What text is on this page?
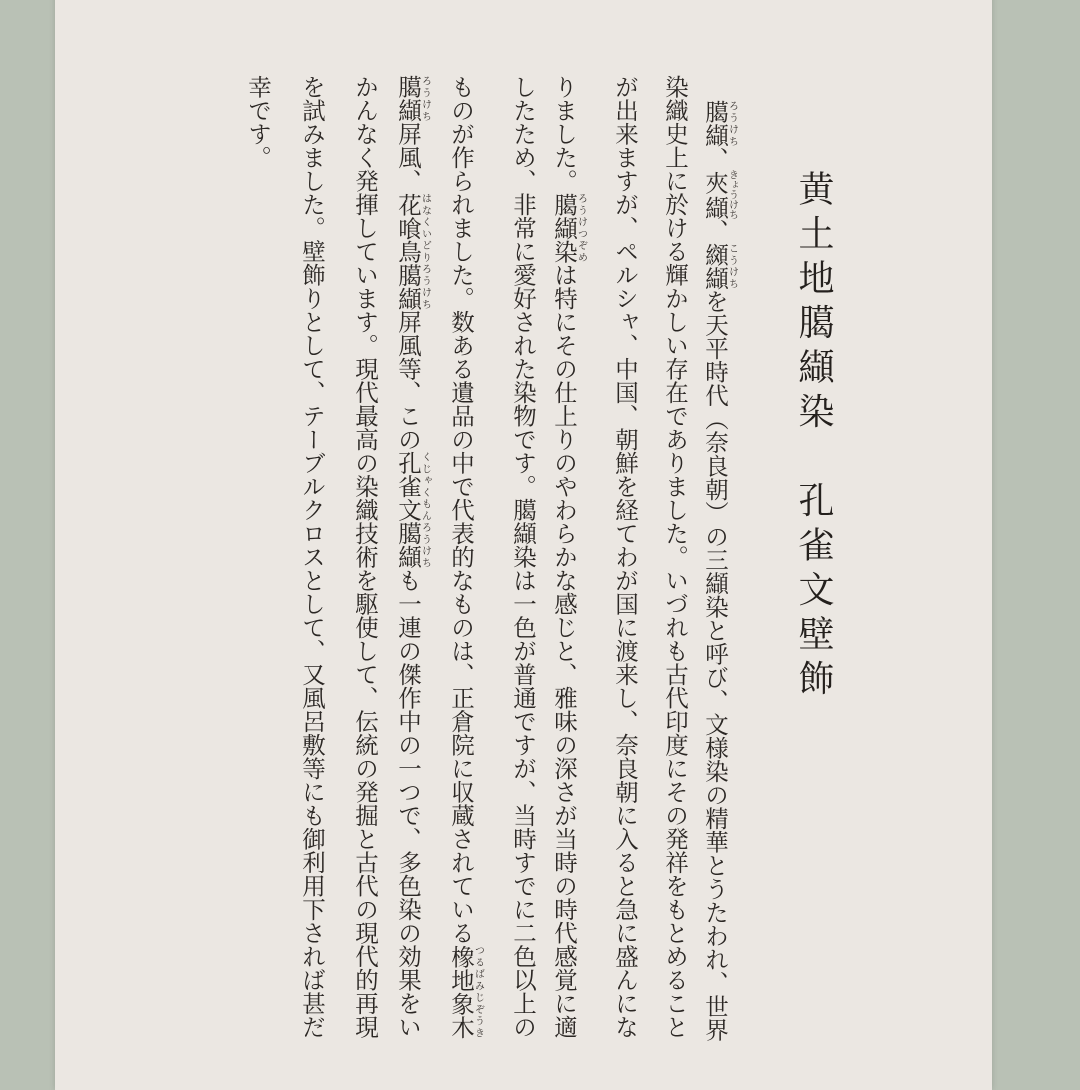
黄土地臈纈染　孔雀文壁飾
臈纈ろうけち、夾纈きょうけち、纐纈こうけちを天平時代（奈良朝）の三纈染と呼び、文様染の精華とうたわれ、世界
染織史上に於ける輝かしい存在でありました。いづれも古代印度にその発祥をもとめること
が出来ますが、ペルシャ、中国、朝鮮を経てわが国に渡来し、奈良朝に入ると急に盛んにな
りました。臈纈染ろうけつぞめは特にその仕上りのやわらかな感じと、雅味の深さが当時の時代感覚に適
したため、非常に愛好された染物です。臈纈染は一色が普通ですが、当時すでに二色以上の
ものが作られました。数ある遺品の中で代表的なものは、正倉院に収蔵されている橡地象木つるばみじぞうき
臈纈ろうけち屏風、花喰鳥臈纈はなくいどりろうけち屏風等、この孔雀文臈纈くじゃくもんろうけちも一連の傑作中の一つで、多色染の効果をい
かんなく発揮しています。現代最高の染織技術を駆使して、伝統の発掘と古代の現代的再現
を試みました。壁飾りとして、テーブルクロスとして、又風呂敷等にも御利用下されば甚だ
幸です。
